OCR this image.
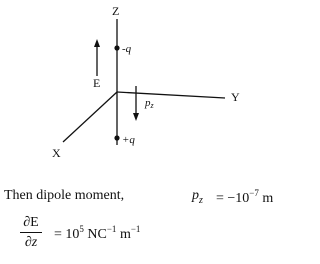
Z
Y
X
E
-q
+q
pz
Then dipole moment,	$p_z = -10^{-7}$ m
∂E
∂z
= $10^5$ $NC^{-1}$ $m^{-1}$
